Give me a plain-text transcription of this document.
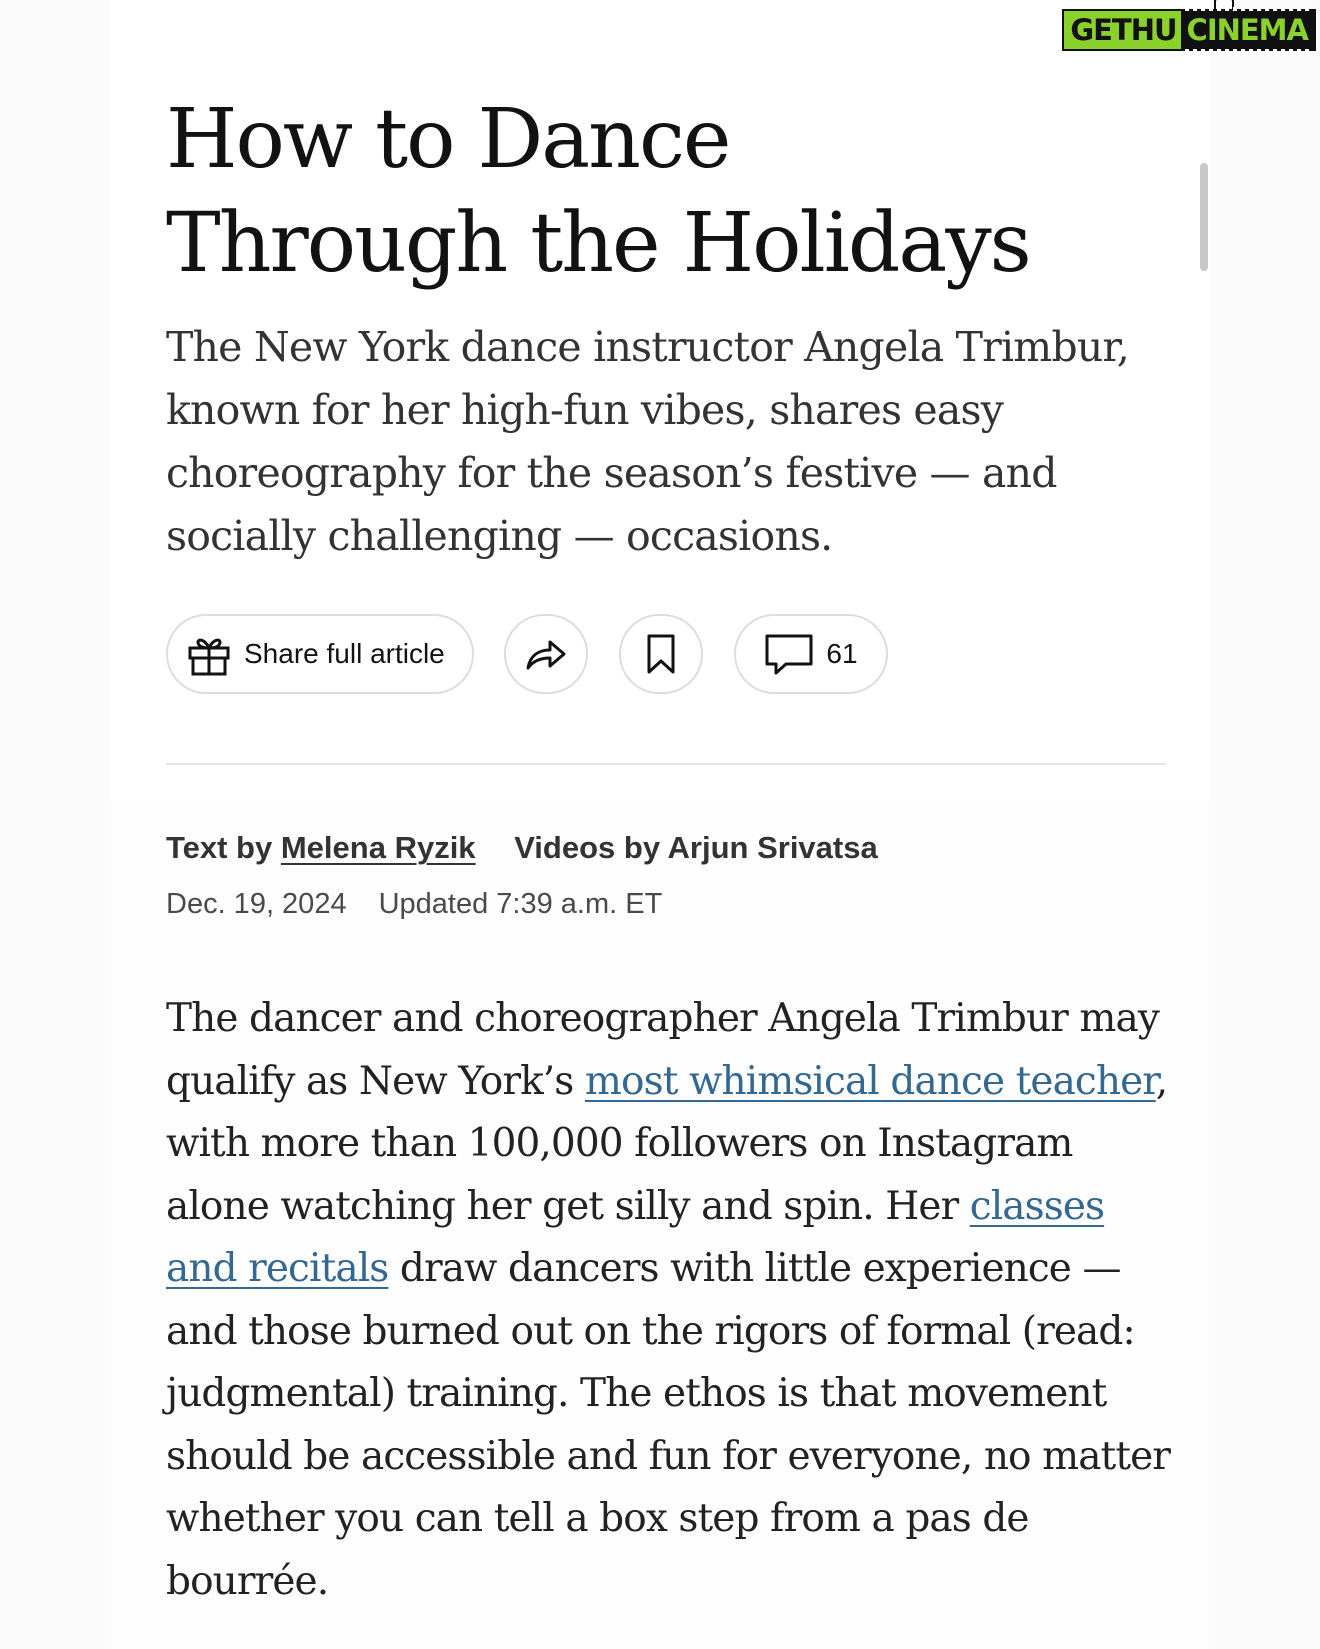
GETHU CINEMA
How to Dance
Through the Holidays

The New York dance instructor Angela Trimbur, known for her high-fun vibes, shares easy choreography for the season’s festive — and socially challenging — occasions.

Share full article	61
Text by Melena Ryzik Videos by Arjun Srivatsa
Dec. 19, 2024 Updated 7:39 a.m. ET

The dancer and choreographer Angela Trimbur may qualify as New York’s most whimsical dance teacher, with more than 100,000 followers on Instagram alone watching her get silly and spin. Her classes and recitals draw dancers with little experience — and those burned out on the rigors of formal (read: judgmental) training. The ethos is that movement should be accessible and fun for everyone, no matter whether you can tell a box step from a pas de bourrée.
